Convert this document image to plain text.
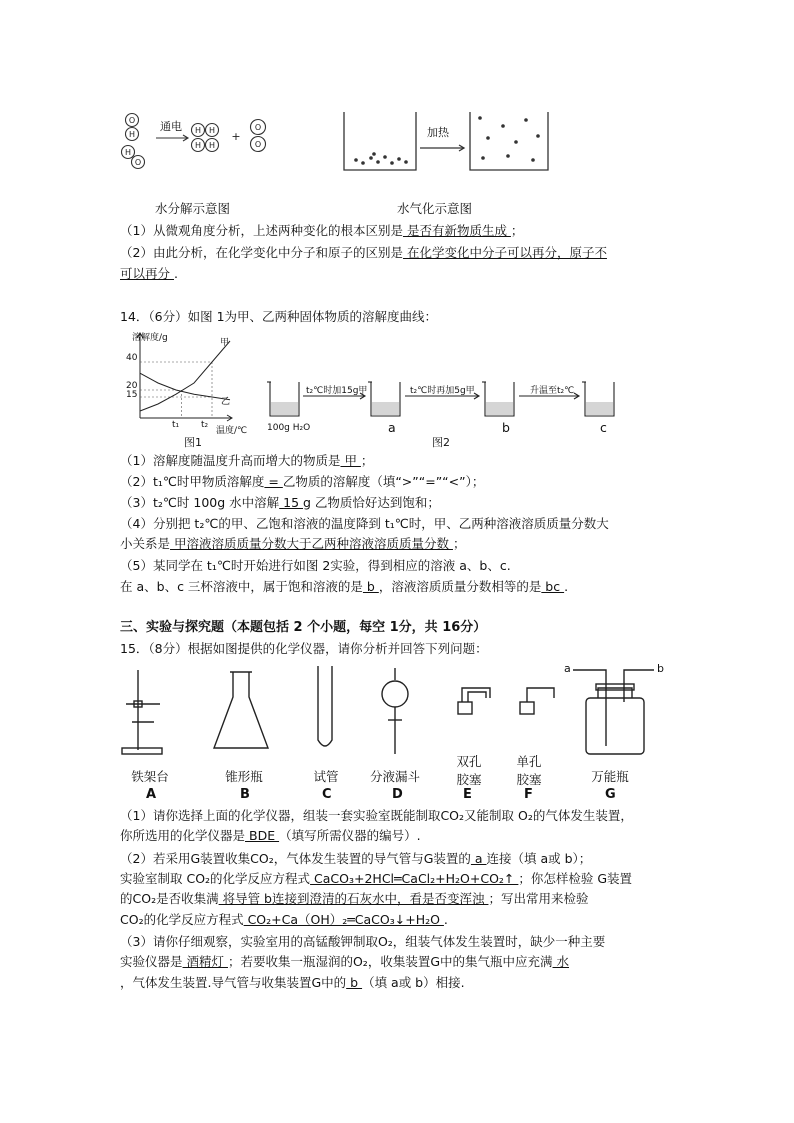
O
H
H
O
H H
H H
O
O
+
通电	加热
水分解示意图	水气化示意图
（1）从微观角度分析，上述两种变化的根本区别是 是否有新物质生成 ；
（2）由此分析，在化学变化中分子和原子的区别是 在化学变化中分子可以再分，原子不
可以再分 .
14．（6分）如图 1为甲、乙两种固体物质的溶解度曲线：
溶解度/g	甲
乙
40
20
15
t₁ t₂
温度/℃
图1
t₂℃时加15g甲	t₂℃时再加5g甲	升温至t₂℃
100g H₂O	a	b	c
图2
（1）溶解度随温度升高而增大的物质是 甲 ；
（2）t₁℃时甲物质溶解度 = 乙物质的溶解度（填“>”“=”“<”）；
（3）t₂℃时 100g 水中溶解 15 g 乙物质恰好达到饱和；
（4）分别把 t₂℃的甲、乙饱和溶液的温度降到 t₁℃时，甲、乙两种溶液溶质质量分数大
小关系是 甲溶液溶质质量分数大于乙两种溶液溶质质量分数 ；
（5）某同学在 t₁℃时开始进行如图 2实验，得到相应的溶液 a、b、c.
在 a、b、c 三杯溶液中，属于饱和溶液的是 b ，溶液溶质质量分数相等的是 bc .
三、实验与探究题（本题包括 2 个小题，每空 1分，共 16分）
15．（8分）根据如图提供的化学仪器，请你分析并回答下列问题：
a	b
铁架台	锥形瓶	试管	分液漏斗
双孔
胶塞
单孔
胶塞	万能瓶
A	B	C	D	E	F	G
（1）请你选择上面的化学仪器，组装一套实验室既能制取CO₂又能制取 O₂的气体发生装置，
你所选用的化学仪器是 BDE （填写所需仪器的编号）.
（2）若采用G装置收集CO₂，气体发生装置的导气管与G装置的 a 连接（填 a或 b）；
实验室制取 CO₂的化学反应方程式 CaCO₃+2HCl═CaCl₂+H₂O+CO₂↑ ；你怎样检验 G装置
的CO₂是否收集满 将导管 b连接到澄清的石灰水中，看是否变浑浊 ；写出常用来检验
CO₂的化学反应方程式 CO₂+Ca（OH）₂═CaCO₃↓+H₂O .
（3）请你仔细观察，实验室用的高锰酸钾制取O₂，组装气体发生装置时，缺少一种主要
实验仪器是 酒精灯 ；若要收集一瓶湿润的O₂，收集装置G中的集气瓶中应充满 水
，气体发生装置.导气管与收集装置G中的 b （填 a或 b）相接.
